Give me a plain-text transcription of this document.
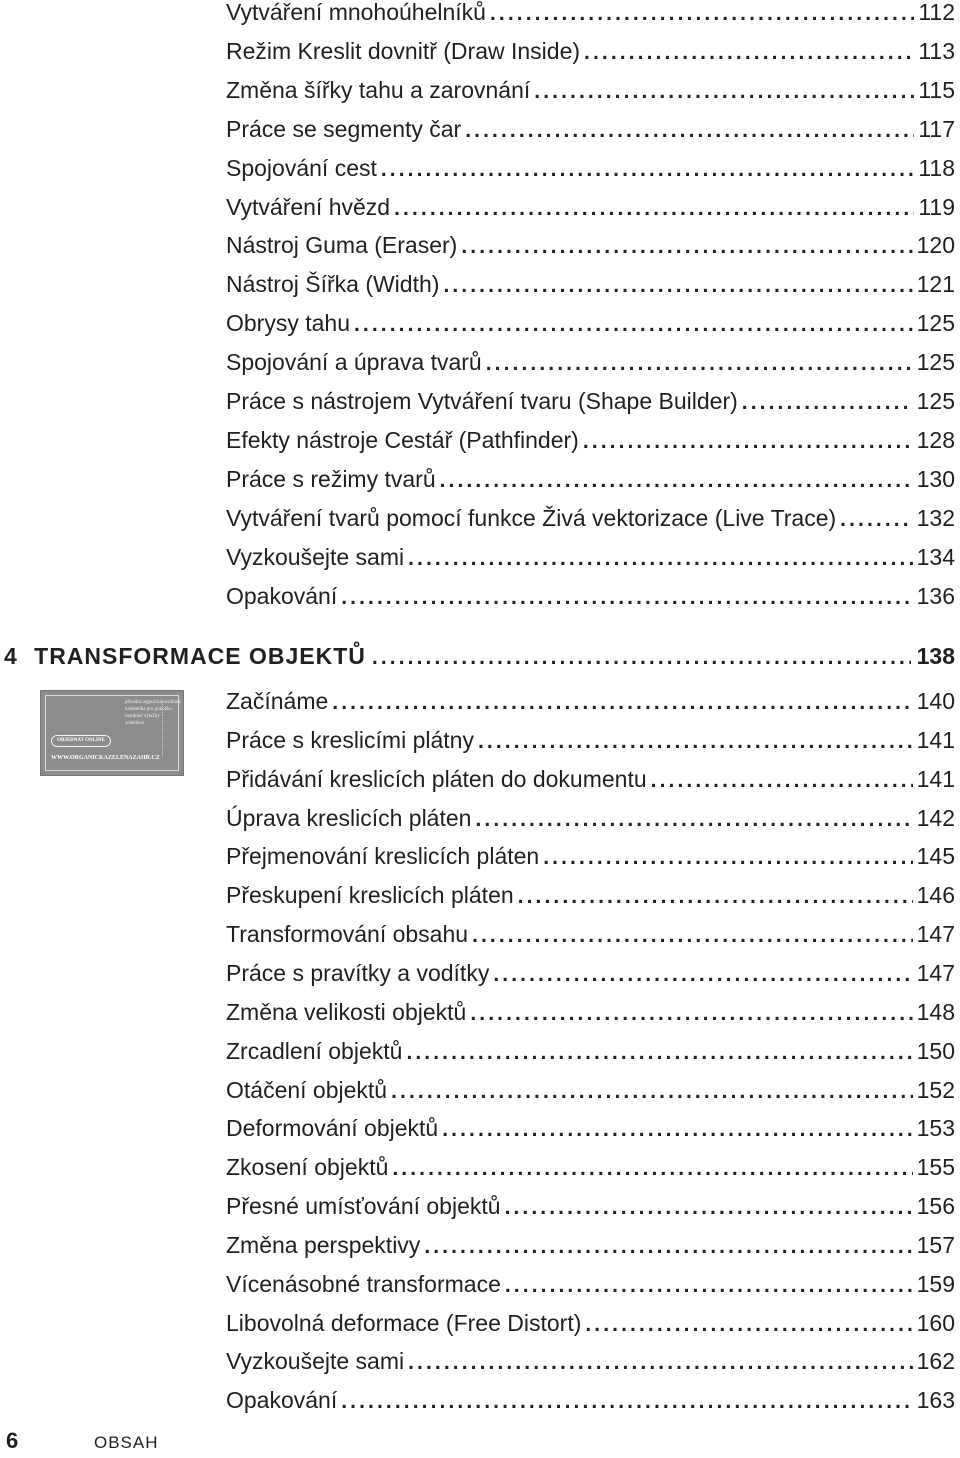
Vytváření mnohoúhelníků .....	112
Režim Kreslit dovnitř (Draw Inside) .....	113
Změna šířky tahu a zarovnání .....	115
Práce se segmenty čar .....	117
Spojování cest .....	118
Vytváření hvězd .....	119
Nástroj Guma (Eraser) .....	120
Nástroj Šířka (Width) .....	121
Obrysy tahu .....	125
Spojování a úprava tvarů .....	125
Práce s nástrojem Vytváření tvaru (Shape Builder) .....	125
Efekty nástroje Cestář (Pathfinder) .....	128
Práce s režimy tvarů .....	130
Vytváření tvarů pomocí funkce Živá vektorizace (Live Trace) .....	132
Vyzkoušejte sami .....	134
Opakování .....	136
4 TRANSFORMACE OBJEKTŮ .....	138
přírodní organická rostlinná kosmetika pro pokožku · rostlinné výtažky · zeleninou
OBJEDNAT ONLINE
WWW.ORGANICKAZELENAZAHR.CZ
Začínáme .....	140
Práce s kreslicími plátny .....	141
Přidávání kreslicích pláten do dokumentu .....	141
Úprava kreslicích pláten .....	142
Přejmenování kreslicích pláten .....	145
Přeskupení kreslicích pláten .....	146
Transformování obsahu .....	147
Práce s pravítky a vodítky .....	147
Změna velikosti objektů .....	148
Zrcadlení objektů .....	150
Otáčení objektů .....	152
Deformování objektů .....	153
Zkosení objektů .....	155
Přesné umísťování objektů .....	156
Změna perspektivy .....	157
Vícenásobné transformace .....	159
Libovolná deformace (Free Distort) .....	160
Vyzkoušejte sami .....	162
Opakování .....	163
6	OBSAH
